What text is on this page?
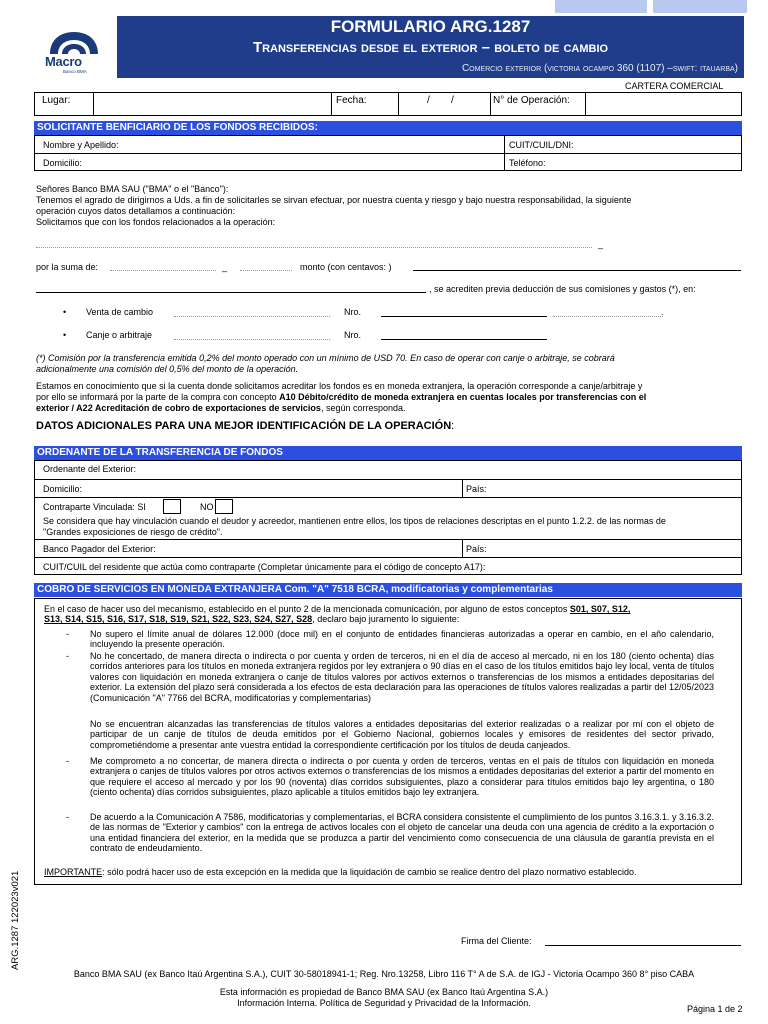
Macro
Banco BMA
FORMULARIO ARG.1287
Transferencias desde el exterior – boleto de cambio
Comercio exterior (victoria ocampo 360 (1107) –swift: itauarba)
CARTERA COMERCIAL
Lugar:	Fecha:	/ /	N° de Operación:
SOLICITANTE BENFICIARIO DE LOS FONDOS RECIBIDOS:
Nombre y Apellido:	CUIT/CUIL/DNI:
Domicilio:	Teléfono:
Señores Banco BMA SAU ("BMA" o el "Banco"):
Tenemos el agrado de dirigirnos a Uds. a fin de solicitarles se sirvan efectuar, por nuestra cuenta y riesgo y bajo nuestra responsabilidad, la siguiente
operación cuyos datos detallamos a continuación:
Solicitamos que con los fondos relacionados a la operación:
_
por la suma de:	_	monto (con centavos: )
, se acrediten previa deducción de sus comisiones y gastos (*), en:
• Venta de cambio	Nro.	.
• Canje o arbitraje	Nro.
(*) Comisión por la transferencia emitida 0,2% del monto operado con un mínimo de USD 70. En caso de operar con canje o arbitraje, se cobrará
adicionalmente una comisión del 0,5% del monto de la operación.
Estamos en conocimiento que si la cuenta donde solicitamos acreditar los fondos es en moneda extranjera, la operación corresponde a canje/arbitraje y
por ello se informará por la parte de la compra con concepto A10 Débito/crédito de moneda extranjera en cuentas locales por transferencias con el
exterior / A22 Acreditación de cobro de exportaciones de servicios, según corresponda.
DATOS ADICIONALES PARA UNA MEJOR IDENTIFICACIÓN DE LA OPERACIÓN:
ORDENANTE DE LA TRANSFERENCIA DE FONDOS
Ordenante del Exterior:
Domicilio:	País:
Contraparte Vinculada: SI	NO
Se considera que hay vinculación cuando el deudor y acreedor, mantienen entre ellos, los tipos de relaciones descriptas en el punto 1.2.2. de las normas de
"Grandes exposiciones de riesgo de crédito".
Banco Pagador del Exterior:	País:
CUIT/CUIL del residente que actúa como contraparte (Completar únicamente para el código de concepto A17):
COBRO DE SERVICIOS EN MONEDA EXTRANJERA Com. "A" 7518 BCRA, modificatorias y complementarias
En el caso de hacer uso del mecanismo, establecido en el punto 2 de la mencionada comunicación, por alguno de estos conceptos S01, S07, S12,
S13, S14, S15, S16, S17, S18, S19, S21, S22, S23, S24, S27, S28, declaro bajo juramento lo siguiente:
- No supero el límite anual de dólares 12.000 (doce mil) en el conjunto de entidades financieras autorizadas a operar en cambio, en el año calendario, incluyendo la presente operación.
- No he concertado, de manera directa o indirecta o por cuenta y orden de terceros, ni en el día de acceso al mercado, ni en los 180 (ciento ochenta) días corridos anteriores para los títulos en moneda extranjera regidos por ley extranjera o 90 días en el caso de los títulos emitidos bajo ley local, venta de títulos valores con liquidación en moneda extranjera o canje de títulos valores por activos externos o transferencias de los mismos a entidades depositarias del exterior. La extensión del plazo será considerada a los efectos de esta declaración para las operaciones de títulos valores realizadas a partir del 12/05/2023 (Comunicación "A" 7766 del BCRA, modificatorias y complementarias)
No se encuentran alcanzadas las transferencias de títulos valores a entidades depositarias del exterior realizadas o a realizar por mí con el objeto de participar de un canje de títulos de deuda emitidos por el Gobierno Nacional, gobiernos locales y emisores de residentes del sector privado, comprometiéndome a presentar ante vuestra entidad la correspondiente certificación por los títulos de deuda canjeados.
- Me comprometo a no concertar, de manera directa o indirecta o por cuenta y orden de terceros, ventas en el país de títulos con liquidación en moneda extranjera o canjes de títulos valores por otros activos externos o transferencias de los mismos a entidades depositarias del exterior a partir del momento en que requiere el acceso al mercado y por los 90 (noventa) días corridos subsiguientes, plazo a considerar para títulos emitidos bajo ley argentina, o 180 (ciento ochenta) días corridos subsiguientes, plazo aplicable a títulos emitidos bajo ley extranjera.
- De acuerdo a la Comunicación A 7586, modificatorias y complementarias, el BCRA considera consistente el cumplimiento de los puntos 3.16.3.1. y 3.16.3.2. de las normas de "Exterior y cambios" con la entrega de activos locales con el objeto de cancelar una deuda con una agencia de crédito a la exportación o una entidad financiera del exterior, en la medida que se produzca a partir del vencimiento como consecuencia de una cláusula de garantía prevista en el contrato de endeudamiento.
IMPORTANTE: sólo podrá hacer uso de esta excepción en la medida que la liquidación de cambio se realice dentro del plazo normativo establecido.
Firma del Cliente:
ARG.1287 122023v021
Banco BMA SAU (ex Banco Itaú Argentina S.A.), CUIT 30-58018941-1; Reg. Nro.13258, Libro 116 T° A de S.A. de IGJ - Victoria Ocampo 360 8° piso CABA
Esta información es propiedad de Banco BMA SAU (ex Banco Itaú Argentina S.A.)
Información Interna. Política de Seguridad y Privacidad de la Información.
Página 1 de 2
